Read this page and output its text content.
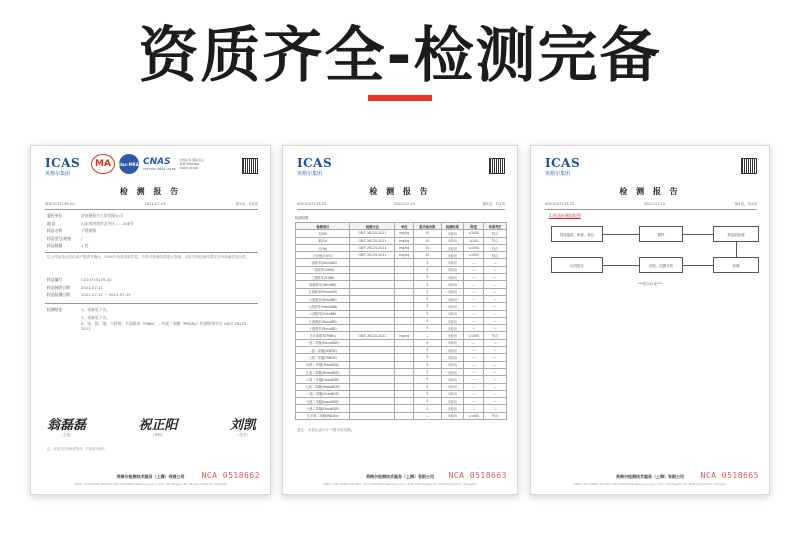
资质齐全-检测完备
ICAS
英格尔集团
MA	ilac-MRA CNAS
TESTING CNAS L5198
中国认可 国际互认 检测 TESTING CNAS L5198
检 测 报 告
SHC2107139-22	2021-07-13	第1页，共4页
委托单位	济南德星兴工贸有限公司
地 址	山东省济南市北中区……108号
样品名称	不锈钢锅
样品型号/规格	/
样品数量	1 套
以上样品及信息由客户提供并确认，ICAS不负责其真实性。不得对检测结果进行复制，本报告的检测结果仅对所检测样品负责。
样品编号	C210713139-22
样品接收日期	2021-07-11
样品检测日期	2021-07-11 ~ 2021-07-19
检测结论	1、请参见下页。
2、请参见下页。
3、铅、镉、锡、六价铬、多溴联苯（PBBs）、多溴二苯醚（PBDEs）检测结果符合 GB/T 26125-2011
翁磊磊
（主检）
祝正阳
（审核）
刘凯
（签发）
注：本报告仅对来样负责，不得部分复印。
英格尔检测技术服务（上海）有限公司
Office: 021-54461 TEL/FAX: 021-57440578 www.icas.org.cn Add: 101 Pingjian Rd, Minhang District, Shanghai
NCA 0518662
ICAS
英格尔集团
检 测 报 告
SHC2107139-22	2021-07-13	第2页，共4页
检测结果：
检测项目	检测方法	单位	报告检出限	检测结果	限值	结果判定
铅/Pb	GB/T 26125-2011	mg/kg	10	未检出	≤1000	符合
镉/Cd	GB/T 26125-2011	mg/kg	10	未检出	≤100	符合
汞/Hg	GB/T 26125-2011	mg/kg	10	未检出	≤1000	符合
六价铬/Cr(VI)	GB/T 26125-2011	mg/kg	10	未检出	≤1000	符合
一溴联苯(MonoBB)			5	未检出	—	—
二溴联苯(DiBB)			5	未检出	—	—
三溴联苯(TriBB)			5	未检出	—	—
四溴联苯(TetraBB)			5	未检出	—	—
五溴联苯(PentaBB)			5	未检出	—	—
六溴联苯(HexaBB)			5	未检出	—	—
七溴联苯(HeptaBB)			5	未检出	—	—
八溴联苯(OctaBB)			5	未检出	—	—
九溴联苯(NonaBB)			5	未检出	—	—
十溴联苯(DecaBB)			5	未检出	—	—
总多溴联苯(PBBs)	GB/T 26125-2011	mg/kg	—	未检出	≤1000	符合
一溴二苯醚(MonoBDE)			5	未检出	—	—
二溴二苯醚(DiBDE)			5	未检出	—	—
三溴二苯醚(TriBDE)			5	未检出	—	—
四溴二苯醚(TetraBDE)			5	未检出	—	—
五溴二苯醚(PentaBDE)			5	未检出	—	—
六溴二苯醚(HexaBDE)			5	未检出	—	—
七溴二苯醚(HeptaBDE)			5	未检出	—	—
八溴二苯醚(OctaBDE)			5	未检出	—	—
九溴二苯醚(NonaBDE)			5	未检出	—	—
十溴二苯醚(DecaBDE)			5	未检出	—	—
总多溴二苯醚(PBDEs)			—	未检出	≤1000	符合
备注：未检出表示小于报告检出限。
英格尔检测技术服务（上海）有限公司
Office: 021-54461 TEL/FAX: 021-57440578 www.icas.org.cn Add: 101 Pingjian Rd, Minhang District, Shanghai
NCA 0518663
ICAS
英格尔集团
检 测 报 告
SHC2107139-22	2021-07-13	第4页，共4页
1.样品检测流程图
样品接收、核查、登记	制样	样品前处理
出具报告	试验、仪器分析	检测
***报告结束***
英格尔检测技术服务（上海）有限公司
Office: 021-54461 TEL/FAX: 021-57440578 www.icas.org.cn Add: 101 Pingjian Rd, Minhang District, Shanghai
NCA 0518665
